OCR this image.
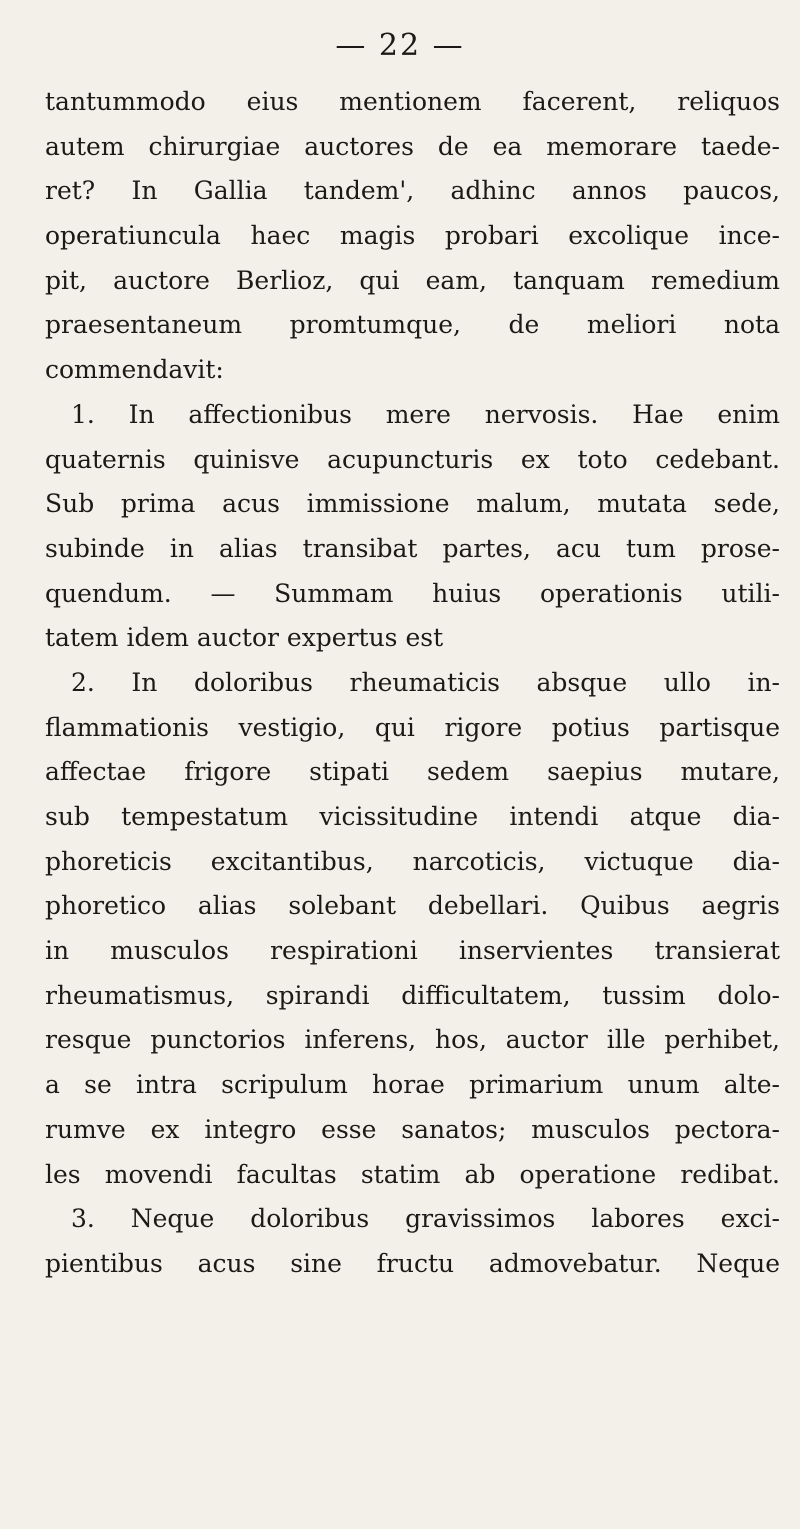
— 22 —
tantummodo eius mentionem facerent, reliquos
autem chirurgiae auctores de ea memorare taede-
ret? In Gallia tandem', adhinc annos paucos,
operatiuncula haec magis probari excolique ince-
pit, auctore Berlioz, qui eam, tanquam remedium
praesentaneum promtumque, de meliori nota
commendavit:
1. In affectionibus mere nervosis. Hae enim
quaternis quinisve acupuncturis ex toto cedebant.
Sub prima acus immissione malum, mutata sede,
subinde in alias transibat partes, acu tum prose-
quendum. — Summam huius operationis utili-
tatem idem auctor expertus est
2. In doloribus rheumaticis absque ullo in-
flammationis vestigio, qui rigore potius partisque
affectae frigore stipati sedem saepius mutare,
sub tempestatum vicissitudine intendi atque dia-
phoreticis excitantibus, narcoticis, victuque dia-
phoretico alias solebant debellari. Quibus aegris
in musculos respirationi inservientes transierat
rheumatismus, spirandi difficultatem, tussim dolo-
resque punctorios inferens, hos, auctor ille perhibet,
a se intra scripulum horae primarium unum alte-
rumve ex integro esse sanatos; musculos pectora-
les movendi facultas statim ab operatione redibat.
3. Neque doloribus gravissimos labores exci-
pientibus acus sine fructu admovebatur. Neque
